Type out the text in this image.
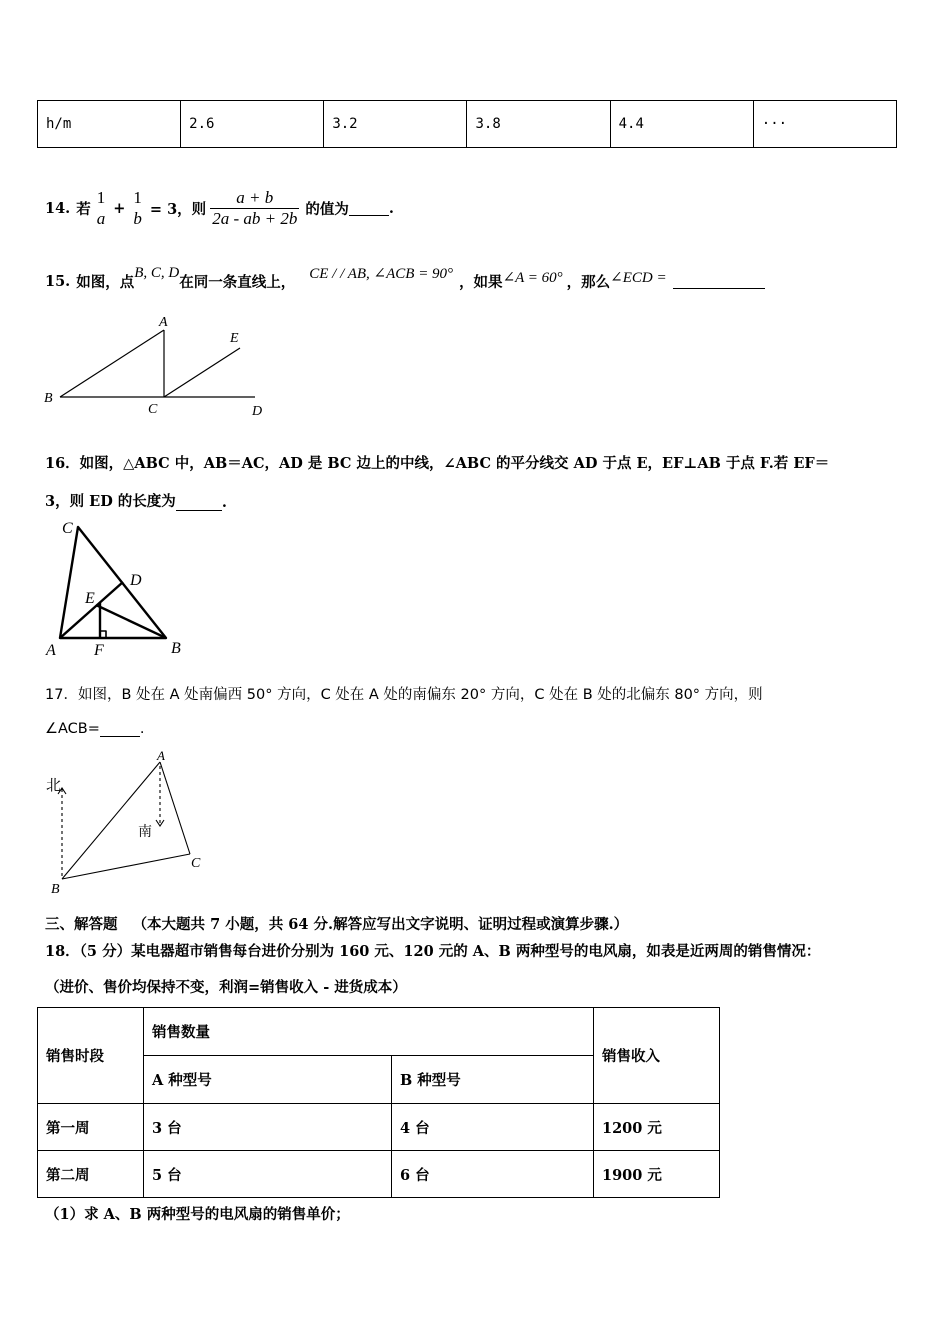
h/m	2.6	3.2	3.8	4.4	···
14. 若 $\frac{1}{a} + \frac{1}{b} = 3$，则 $\frac{a + b}{2a - ab + 2b}$ 的值为	.
15. 如图，点
B, C, D
在同一条直线上， CE / / AB, ∠ACB = 90° ，如果 ∠A = 60° ，那么 ∠ECD =
A
B
C	D
E
16．如图，△ABC 中，AB＝AC，AD 是 BC 边上的中线，∠ABC 的平分线交 AD 于点 E，EF⊥AB 于点 F.若 EF＝
3，则 ED 的长度为	.
C
D
E
A F	B
17．如图，B 处在 A 处南偏西 50° 方向，C 处在 A 处的南偏东 20° 方向，C 处在 B 处的北偏东 80° 方向，则
∠ACB=	.
北
南
A
B
C
三、解答题 （本大题共 7 小题，共 64 分.解答应写出文字说明、证明过程或演算步骤.）
18．（5 分）某电器超市销售每台进价分别为 160 元、120 元的 A、B 两种型号的电风扇，如表是近两周的销售情况：
（进价、售价均保持不变，利润=销售收入 - 进货成本）
销售时段	销售数量		销售收入
	A 种型号	B 种型号	
第一周	3 台	4 台	1200 元
第二周	5 台	6 台	1900 元
（1）求 A、B 两种型号的电风扇的销售单价；
